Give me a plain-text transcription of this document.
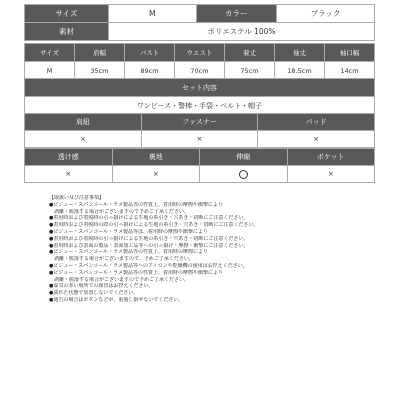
サイズ	M	カラー	ブラック
素材	ポリエステル 100%		
サイズ	肩幅	バスト	ウエスト	着丈	袖丈	袖口幅
M	35cm	89cm	70cm	75cm	18.5cm	14cm
セット内容
ワンピース・警棒・手袋・ベルト・帽子
肩紐	ファスナー	パッド
×	×	×
透け感	裏地	伸縮	ポケット
×	×		×
【取扱い及び注意事項】
●ビジュー・スパンコール・ラメ製品等の性質上、着用時の摩擦や衝撃により
　剥離・脱落する場合がございますので予めご了承ください。
●着用時および着脱時の引っ掛けによる生地の糸引き・穴あき・切断にご注意ください。
●着用時および着脱時の際の引っ掛けによる生地の糸引き・穴あき・切断にご注意ください。
●ビジュー・スパンコール・ラメ製品等は、着用時の摩擦や衝撃により
●着用時および着脱時の引っ掛けによる生地の糸引き・穴あき・切断にご注意ください。
●着用時および表面の製品・表面加工品等への引っ掛け・摩擦・衝撃にご注意ください。
●ビジュー・スパンコール・ラメ製品等の性質上、着用時の摩擦により
　剥離・脱落する場合がございますので、予めご了承ください。
●ビジュー・スパンコール・ラメ製品等へのアイロンや乾燥機の使用はお控えください。
●ビジュー・スパンコール・ラメ製品等の性質上、着用時の摩擦や衝撃により
　剥離・脱落する場合がございますので予めご了承ください。
●湿気の多い場所での保管はお控えください。
●濡れた状態で放置しないでください。
●通告の場合はボタンなどが、重過し掛せないでください。
